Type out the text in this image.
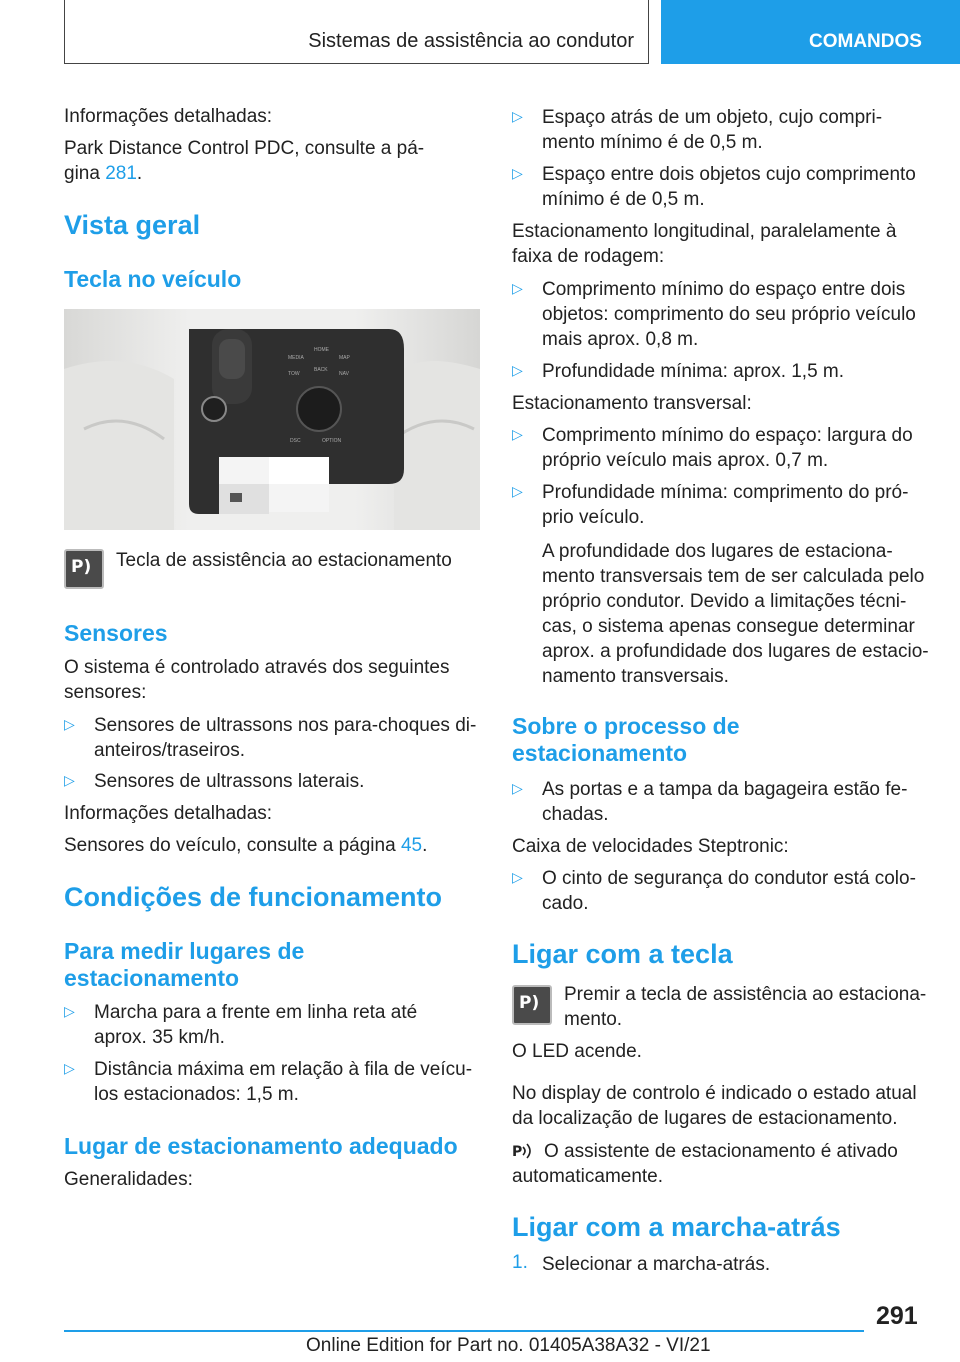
Sistemas de assistência ao condutor	COMANDOS
Informações detalhadas:
Park Distance Control PDC, consulte a pá-
gina 281.
Vista geral
Tecla no veículo
MEDIA
HOME
MAP
TOW
BACK
NAV
DSC	OPTION
P) Tecla de assistência ao estacionamento
Sensores
O sistema é controlado através dos seguintes
sensores:
▷ Sensores de ultrassons nos para-choques di-
anteiros/traseiros.
▷ Sensores de ultrassons laterais.
Informações detalhadas:
Sensores do veículo, consulte a página 45.
Condições de funcionamento
Para medir lugares de
estacionamento
▷ Marcha para a frente em linha reta até
aprox. 35 km/h.
▷ Distância máxima em relação à fila de veícu-
los estacionados: 1,5 m.
Lugar de estacionamento adequado
Generalidades:
▷ Espaço atrás de um objeto, cujo compri-
mento mínimo é de 0,5 m.
▷ Espaço entre dois objetos cujo comprimento
mínimo é de 0,5 m.
Estacionamento longitudinal, paralelamente à
faixa de rodagem:
▷ Comprimento mínimo do espaço entre dois
objetos: comprimento do seu próprio veículo
mais aprox. 0,8 m.
▷ Profundidade mínima: aprox. 1,5 m.
Estacionamento transversal:
▷ Comprimento mínimo do espaço: largura do
próprio veículo mais aprox. 0,7 m.
▷ Profundidade mínima: comprimento do pró-
prio veículo.
A profundidade dos lugares de estaciona-
mento transversais tem de ser calculada pelo
próprio condutor. Devido a limitações técni-
cas, o sistema apenas consegue determinar
aprox. a profundidade dos lugares de estacio-
namento transversais.
Sobre o processo de
estacionamento
▷ As portas e a tampa da bagageira estão fe-
chadas.
Caixa de velocidades Steptronic:
▷ O cinto de segurança do condutor está colo-
cado.
Ligar com a tecla
P) Premir a tecla de assistência ao estaciona-
mento.
O LED acende.
No display de controlo é indicado o estado atual
da localização de lugares de estacionamento.
P O assistente de estacionamento é ativado
automaticamente.
Ligar com a marcha-atrás
1. Selecionar a marcha-atrás.
291
Online Edition for Part no. 01405A38A32 - VI/21
